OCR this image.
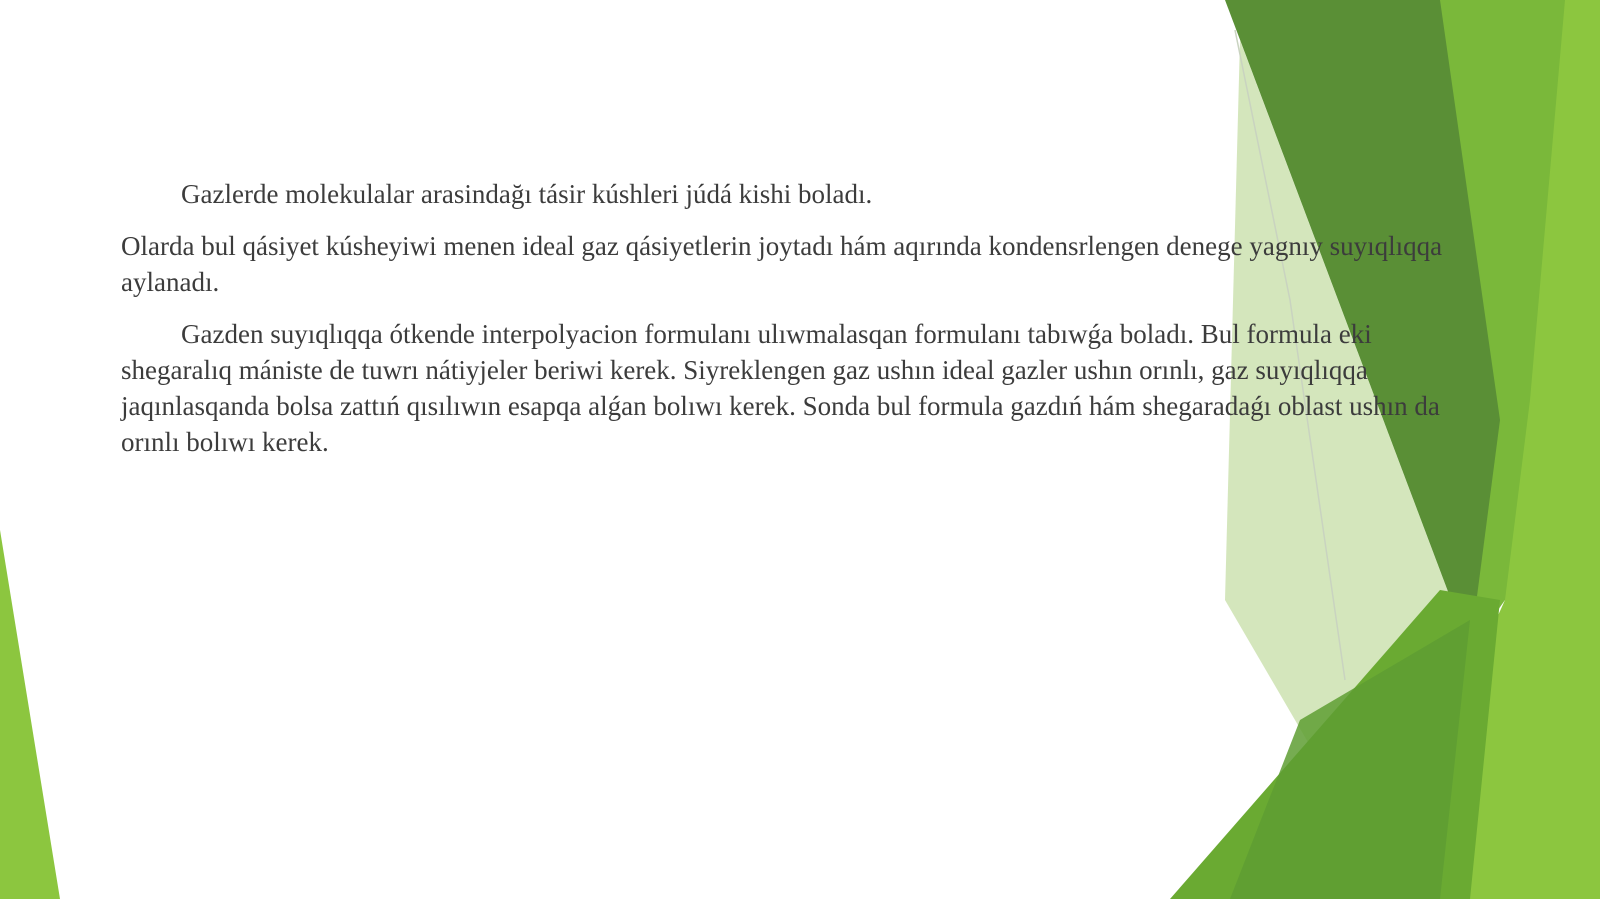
Gazlerde molekulalar arasindağı tásir kúshleri júdá kishi boladı.

Olarda bul qásiyet kúsheyiwi menen ideal gaz qásiyetlerin joytadı hám aqırında kondensrlengen denege yagnıy suyıqlıqqa aylanadı.

Gazden suyıqlıqqa ótkende interpolyacion formulanı ulıwmalasqan formulanı tabıwǵa boladı. Bul formula eki shegaralıq mániste de tuwrı nátiyjeler beriwi kerek. Siyreklengen gaz ushın ideal gazler ushın orınlı, gaz suyıqlıqqa jaqınlasqanda bolsa zattıń qısılıwın esapqa alǵan bolıwı kerek. Sonda bul formula gazdıń hám shegaradaǵı oblast ushın da orınlı bolıwı kerek.
